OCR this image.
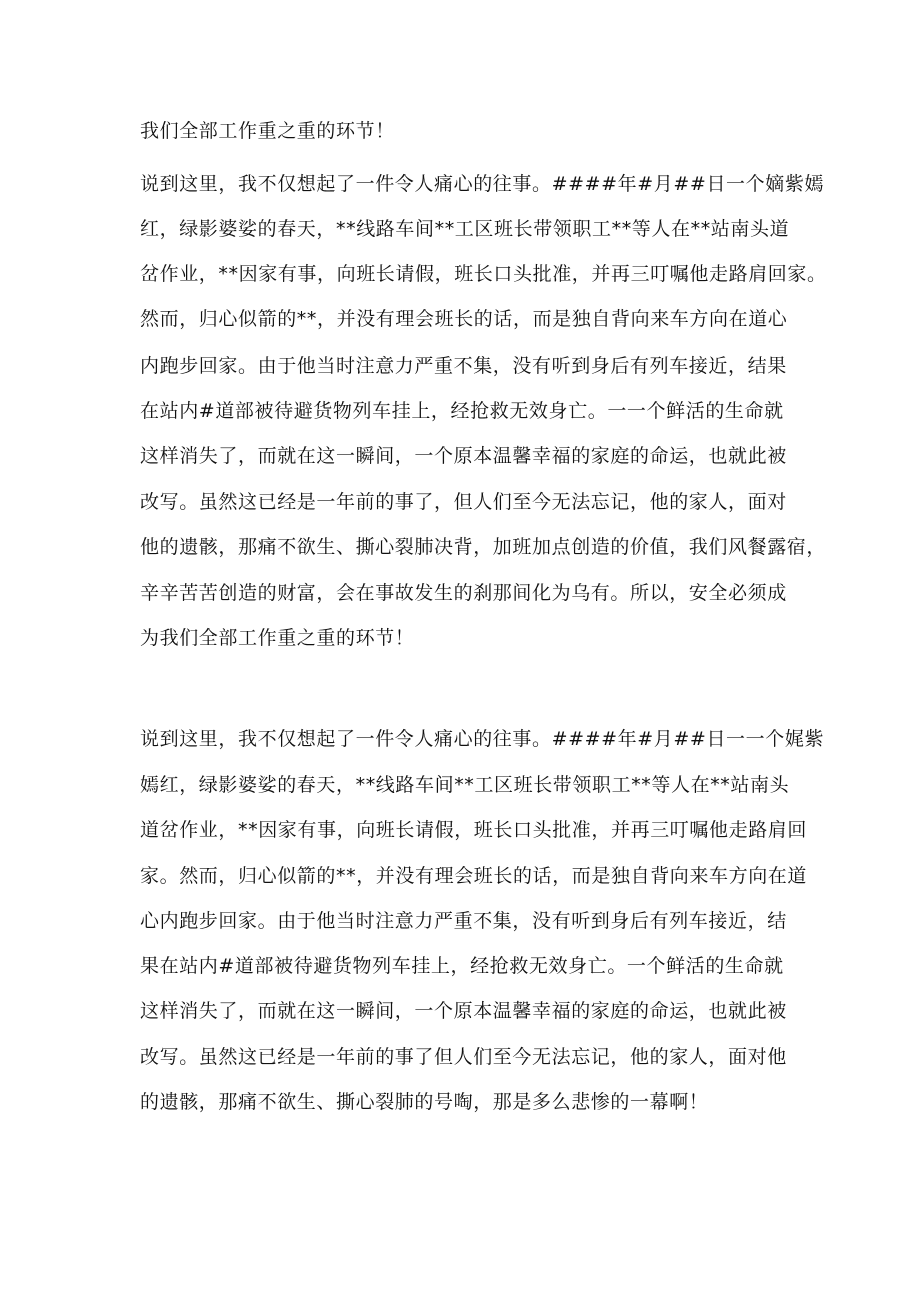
我们全部工作重之重的环节！
说到这里，我不仅想起了一件令人痛心的往事。####年#月##日一个嫡紫嫣
红，绿影婆娑的春天，**线路车间**工区班长带领职工**等人在**站南头道
岔作业，**因家有事，向班长请假，班长口头批准，并再三叮嘱他走路肩回家。
然而，归心似箭的**，并没有理会班长的话，而是独自背向来车方向在道心
内跑步回家。由于他当时注意力严重不集，没有听到身后有列车接近，结果
在站内#道部被待避货物列车挂上，经抢救无效身亡。一一个鲜活的生命就
这样消失了，而就在这一瞬间，一个原本温馨幸福的家庭的命运，也就此被
改写。虽然这已经是一年前的事了，但人们至今无法忘记，他的家人，面对
他的遗骸，那痛不欲生、撕心裂肺决背，加班加点创造的价值，我们风餐露宿，
辛辛苦苦创造的财富，会在事故发生的刹那间化为乌有。所以，安全必须成
为我们全部工作重之重的环节！
说到这里，我不仅想起了一件令人痛心的往事。####年#月##日一一个娓紫
嫣红，绿影婆娑的春天，**线路车间**工区班长带领职工**等人在**站南头
道岔作业，**因家有事，向班长请假，班长口头批准，并再三叮嘱他走路肩回
家。然而，归心似箭的**，并没有理会班长的话，而是独自背向来车方向在道
心内跑步回家。由于他当时注意力严重不集，没有听到身后有列车接近，结
果在站内#道部被待避货物列车挂上，经抢救无效身亡。一个鲜活的生命就
这样消失了，而就在这一瞬间，一个原本温馨幸福的家庭的命运，也就此被
改写。虽然这已经是一年前的事了但人们至今无法忘记，他的家人，面对他
的遗骸，那痛不欲生、撕心裂肺的号啕，那是多么悲惨的一幕啊！
